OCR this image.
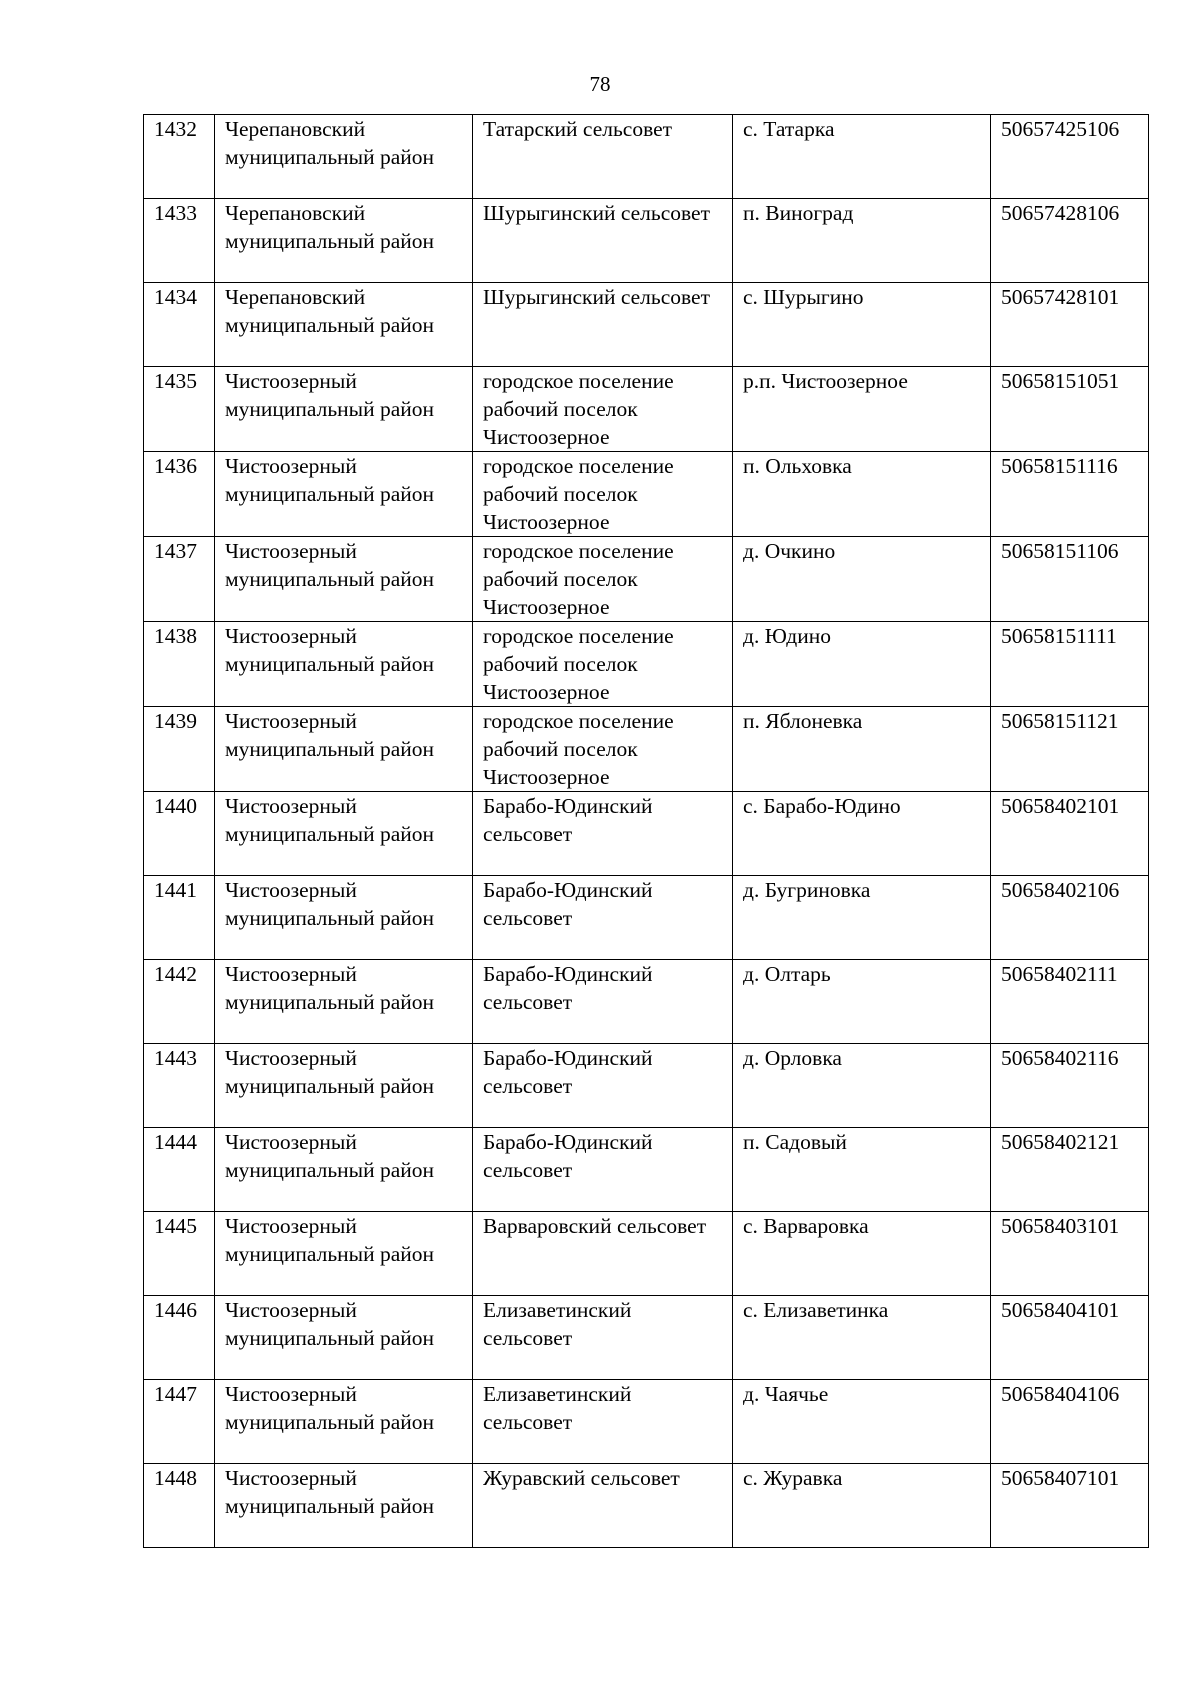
78
1432	Черепановский муниципальный район	Татарский сельсовет	с. Татарка	50657425106
1433	Черепановский муниципальный район	Шурыгинский сельсовет	п. Виноград	50657428106
1434	Черепановский муниципальный район	Шурыгинский сельсовет	с. Шурыгино	50657428101
1435	Чистоозерный муниципальный район	городское поселение рабочий поселок Чистоозерное	р.п. Чистоозерное	50658151051
1436	Чистоозерный муниципальный район	городское поселение рабочий поселок Чистоозерное	п. Ольховка	50658151116
1437	Чистоозерный муниципальный район	городское поселение рабочий поселок Чистоозерное	д. Очкино	50658151106
1438	Чистоозерный муниципальный район	городское поселение рабочий поселок Чистоозерное	д. Юдино	50658151111
1439	Чистоозерный муниципальный район	городское поселение рабочий поселок Чистоозерное	п. Яблоневка	50658151121
1440	Чистоозерный муниципальный район	Барабо-Юдинский сельсовет	с. Барабо-Юдино	50658402101
1441	Чистоозерный муниципальный район	Барабо-Юдинский сельсовет	д. Бугриновка	50658402106
1442	Чистоозерный муниципальный район	Барабо-Юдинский сельсовет	д. Олтарь	50658402111
1443	Чистоозерный муниципальный район	Барабо-Юдинский сельсовет	д. Орловка	50658402116
1444	Чистоозерный муниципальный район	Барабо-Юдинский сельсовет	п. Садовый	50658402121
1445	Чистоозерный муниципальный район	Варваровский сельсовет	с. Варваровка	50658403101
1446	Чистоозерный муниципальный район	Елизаветинский сельсовет	с. Елизаветинка	50658404101
1447	Чистоозерный муниципальный район	Елизаветинский сельсовет	д. Чаячье	50658404106
1448	Чистоозерный муниципальный район	Журавский сельсовет	с. Журавка	50658407101
